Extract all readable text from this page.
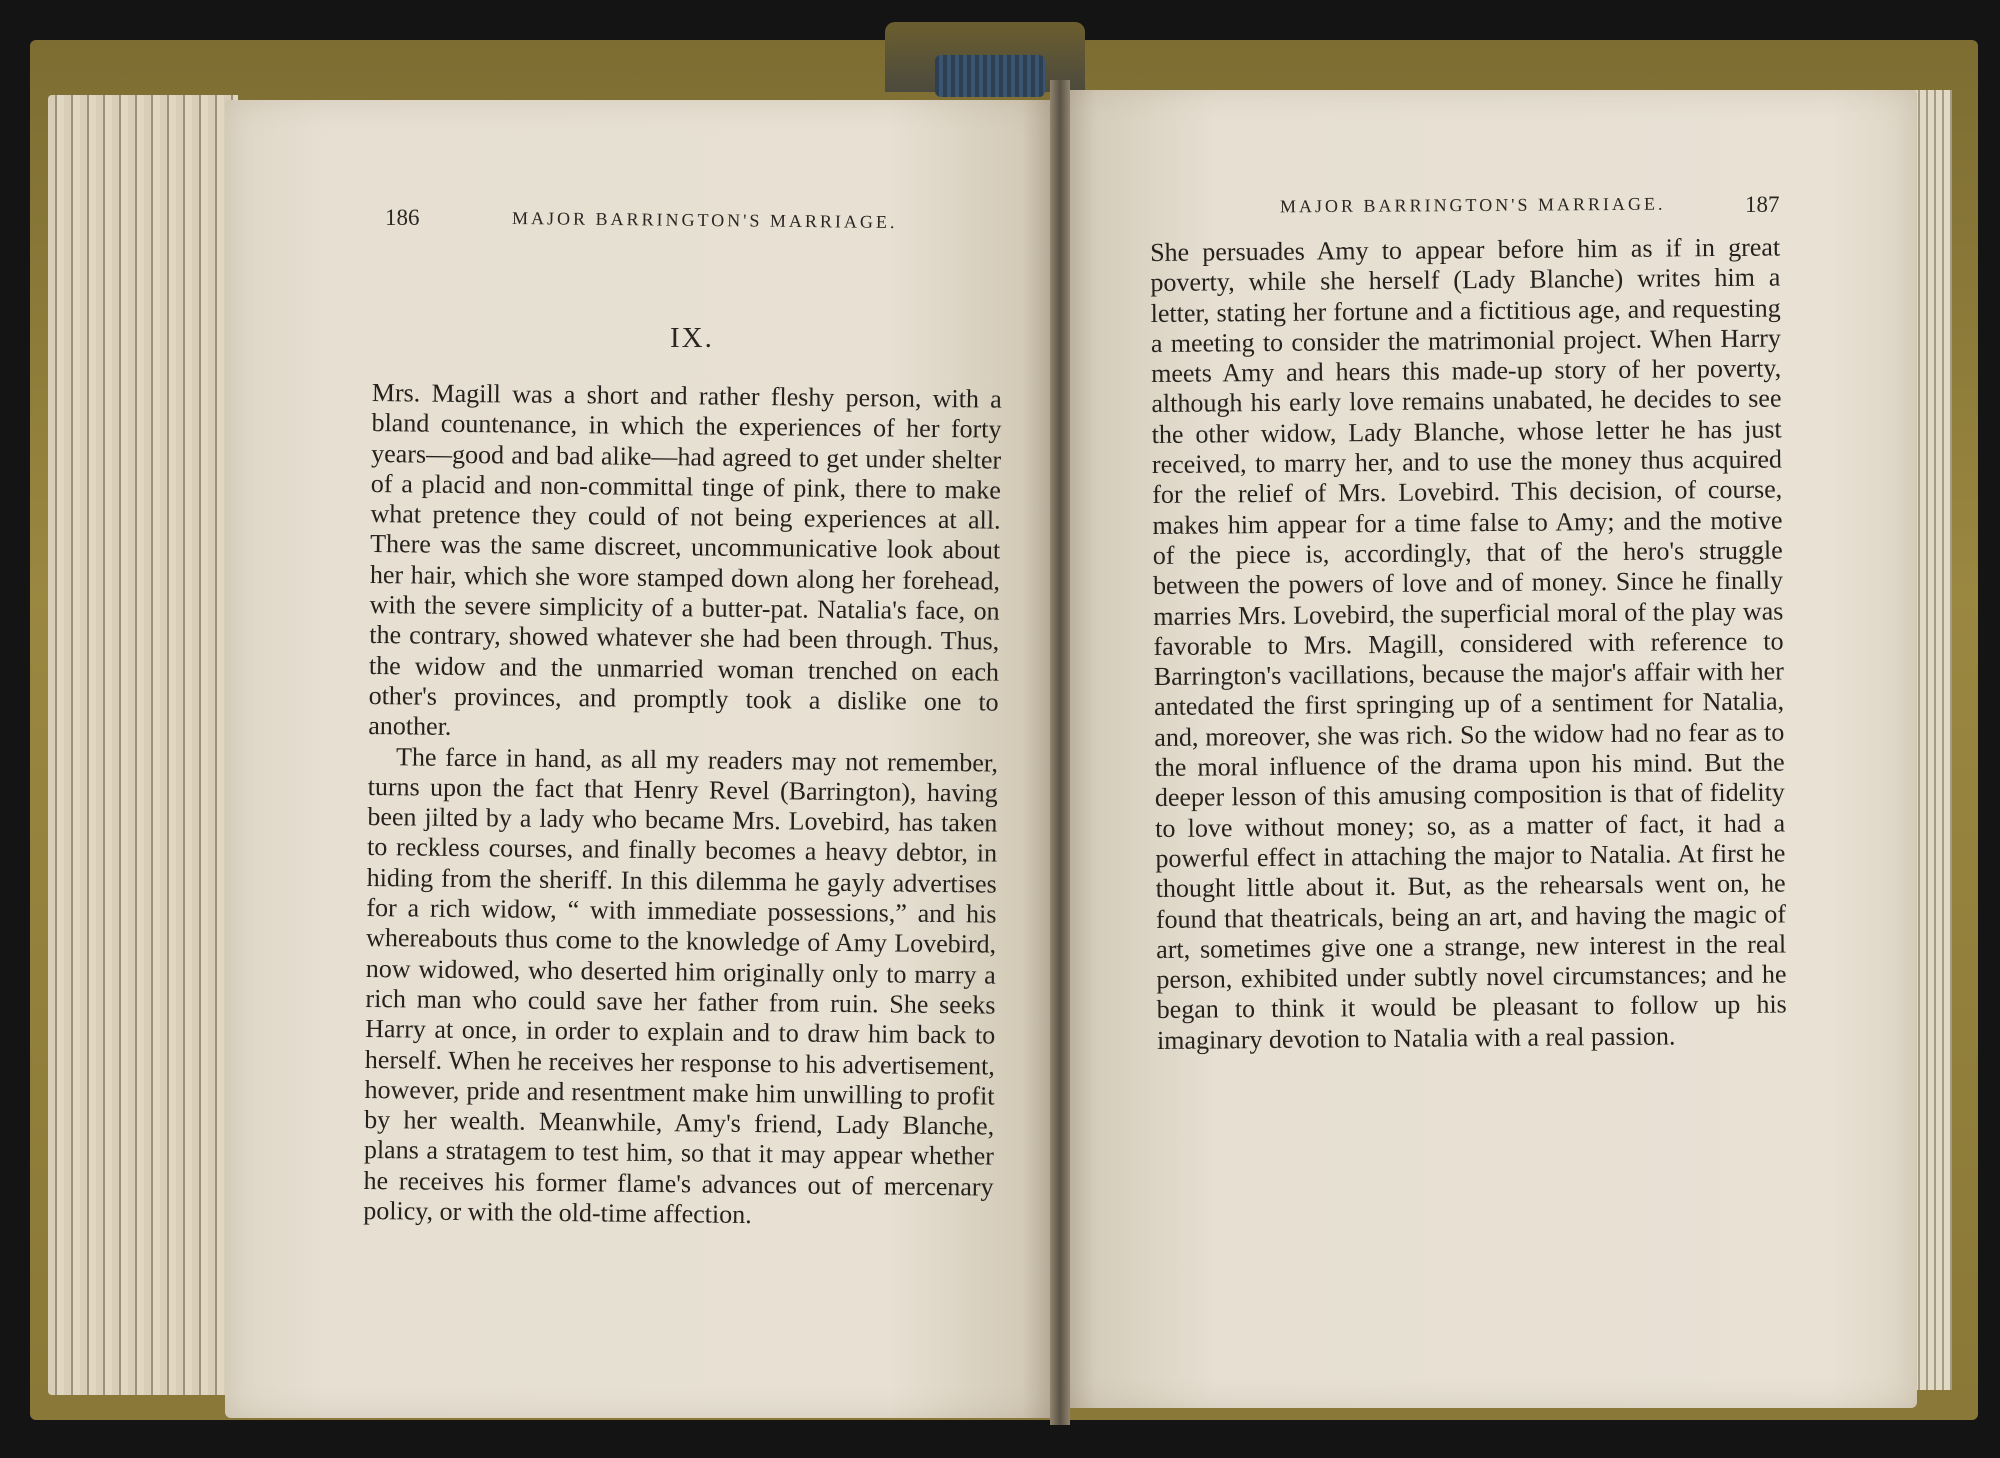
186	MAJOR BARRINGTON'S MARRIAGE.
IX.

Mrs. Magill was a short and rather fleshy person, with a bland countenance, in which the experiences of her forty years—good and bad alike—had agreed to get under shelter of a placid and non-committal tinge of pink, there to make what pretence they could of not being experiences at all. There was the same discreet, uncommunicative look about her hair, which she wore stamped down along her forehead, with the severe simplicity of a butter-pat. Natalia's face, on the contrary, showed whatever she had been through. Thus, the widow and the unmarried woman trenched on each other's provinces, and promptly took a dislike one to another.

The farce in hand, as all my readers may not remember, turns upon the fact that Henry Revel (Barrington), having been jilted by a lady who became Mrs. Lovebird, has taken to reckless courses, and finally becomes a heavy debtor, in hiding from the sheriff. In this dilemma he gayly advertises for a rich widow, “ with immediate possessions,” and his whereabouts thus come to the knowledge of Amy Lovebird, now widowed, who deserted him originally only to marry a rich man who could save her father from ruin. She seeks Harry at once, in order to explain and to draw him back to herself. When he receives her response to his advertisement, however, pride and resentment make him unwilling to profit by her wealth. Meanwhile, Amy's friend, Lady Blanche, plans a stratagem to test him, so that it may appear whether he receives his former flame's advances out of mercenary policy, or with the old-time affection.

MAJOR BARRINGTON'S MARRIAGE.	187

She persuades Amy to appear before him as if in great poverty, while she herself (Lady Blanche) writes him a letter, stating her fortune and a fictitious age, and requesting a meeting to consider the matrimonial project. When Harry meets Amy and hears this made-up story of her poverty, although his early love remains unabated, he decides to see the other widow, Lady Blanche, whose letter he has just received, to marry her, and to use the money thus acquired for the relief of Mrs. Lovebird. This decision, of course, makes him appear for a time false to Amy; and the motive of the piece is, accordingly, that of the hero's struggle between the powers of love and of money. Since he finally marries Mrs. Lovebird, the superficial moral of the play was favorable to Mrs. Magill, considered with reference to Barrington's vacillations, because the major's affair with her antedated the first springing up of a sentiment for Natalia, and, moreover, she was rich. So the widow had no fear as to the moral influence of the drama upon his mind. But the deeper lesson of this amusing composition is that of fidelity to love without money; so, as a matter of fact, it had a powerful effect in attaching the major to Natalia. At first he thought little about it. But, as the rehearsals went on, he found that theatricals, being an art, and having the magic of art, sometimes give one a strange, new interest in the real person, exhibited under subtly novel circumstances; and he began to think it would be pleasant to follow up his imaginary devotion to Natalia with a real passion.
